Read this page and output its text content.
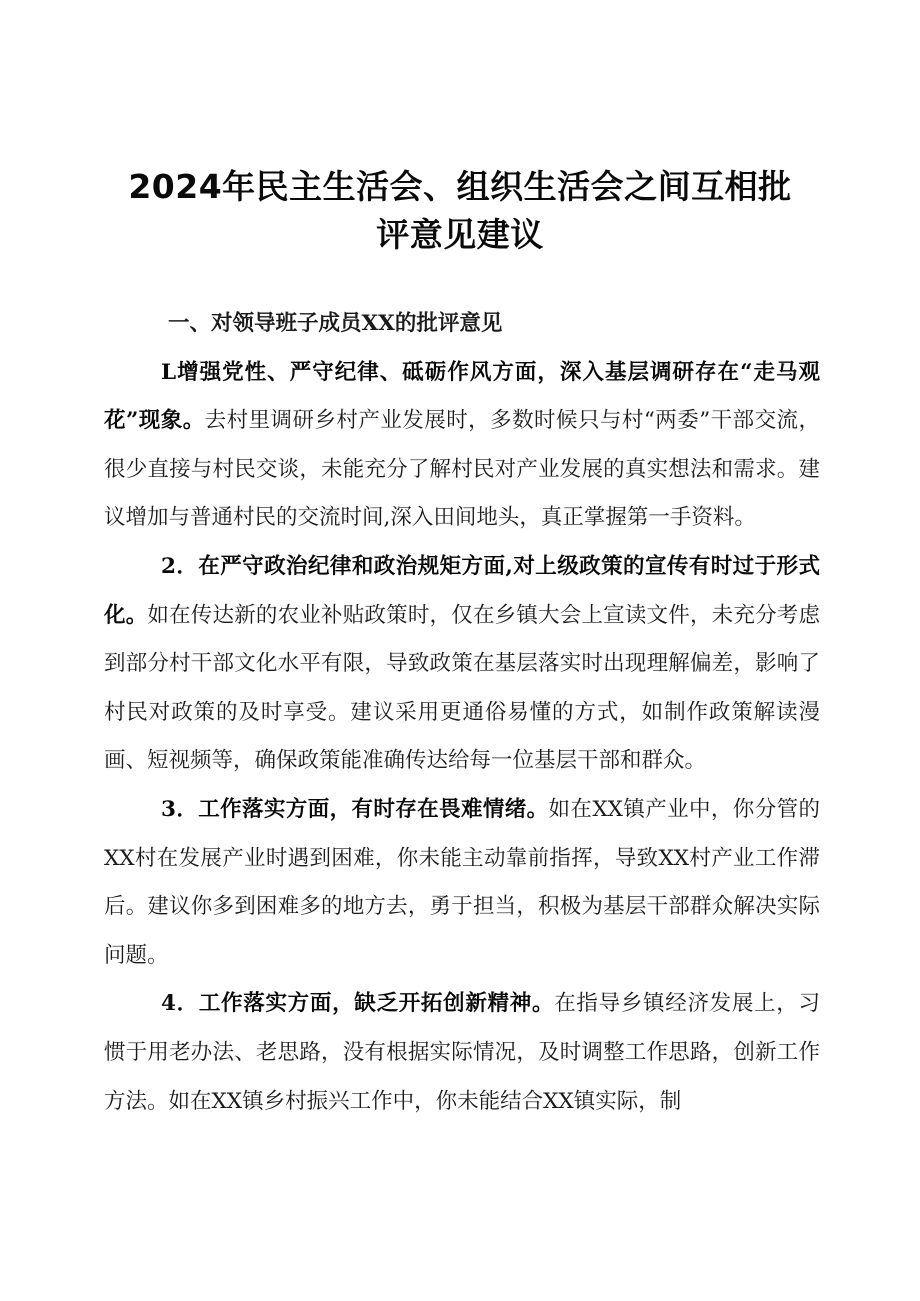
2024年民主生活会、组织生活会之间互相批
评意见建议

一、对领导班子成员XX的批评意见

L增强党性、严守纪律、砥砺作风方面，深入基层调研存在“走马观花”现象。去村里调研乡村产业发展时，多数时候只与村“两委”干部交流，很少直接与村民交谈，未能充分了解村民对产业发展的真实想法和需求。建议增加与普通村民的交流时间,深入田间地头，真正掌握第一手资料。

2．在严守政治纪律和政治规矩方面,对上级政策的宣传有时过于形式化。如在传达新的农业补贴政策时，仅在乡镇大会上宣读文件，未充分考虑到部分村干部文化水平有限，导致政策在基层落实时出现理解偏差，影响了村民对政策的及时享受。建议采用更通俗易懂的方式，如制作政策解读漫画、短视频等，确保政策能准确传达给每一位基层干部和群众。

3．工作落实方面，有时存在畏难情绪。如在XX镇产业中，你分管的XX村在发展产业时遇到困难，你未能主动靠前指挥，导致XX村产业工作滞后。建议你多到困难多的地方去，勇于担当，积极为基层干部群众解决实际问题。

4．工作落实方面，缺乏开拓创新精神。在指导乡镇经济发展上，习惯于用老办法、老思路，没有根据实际情况，及时调整工作思路，创新工作方法。如在XX镇乡村振兴工作中，你未能结合XX镇实际，制
